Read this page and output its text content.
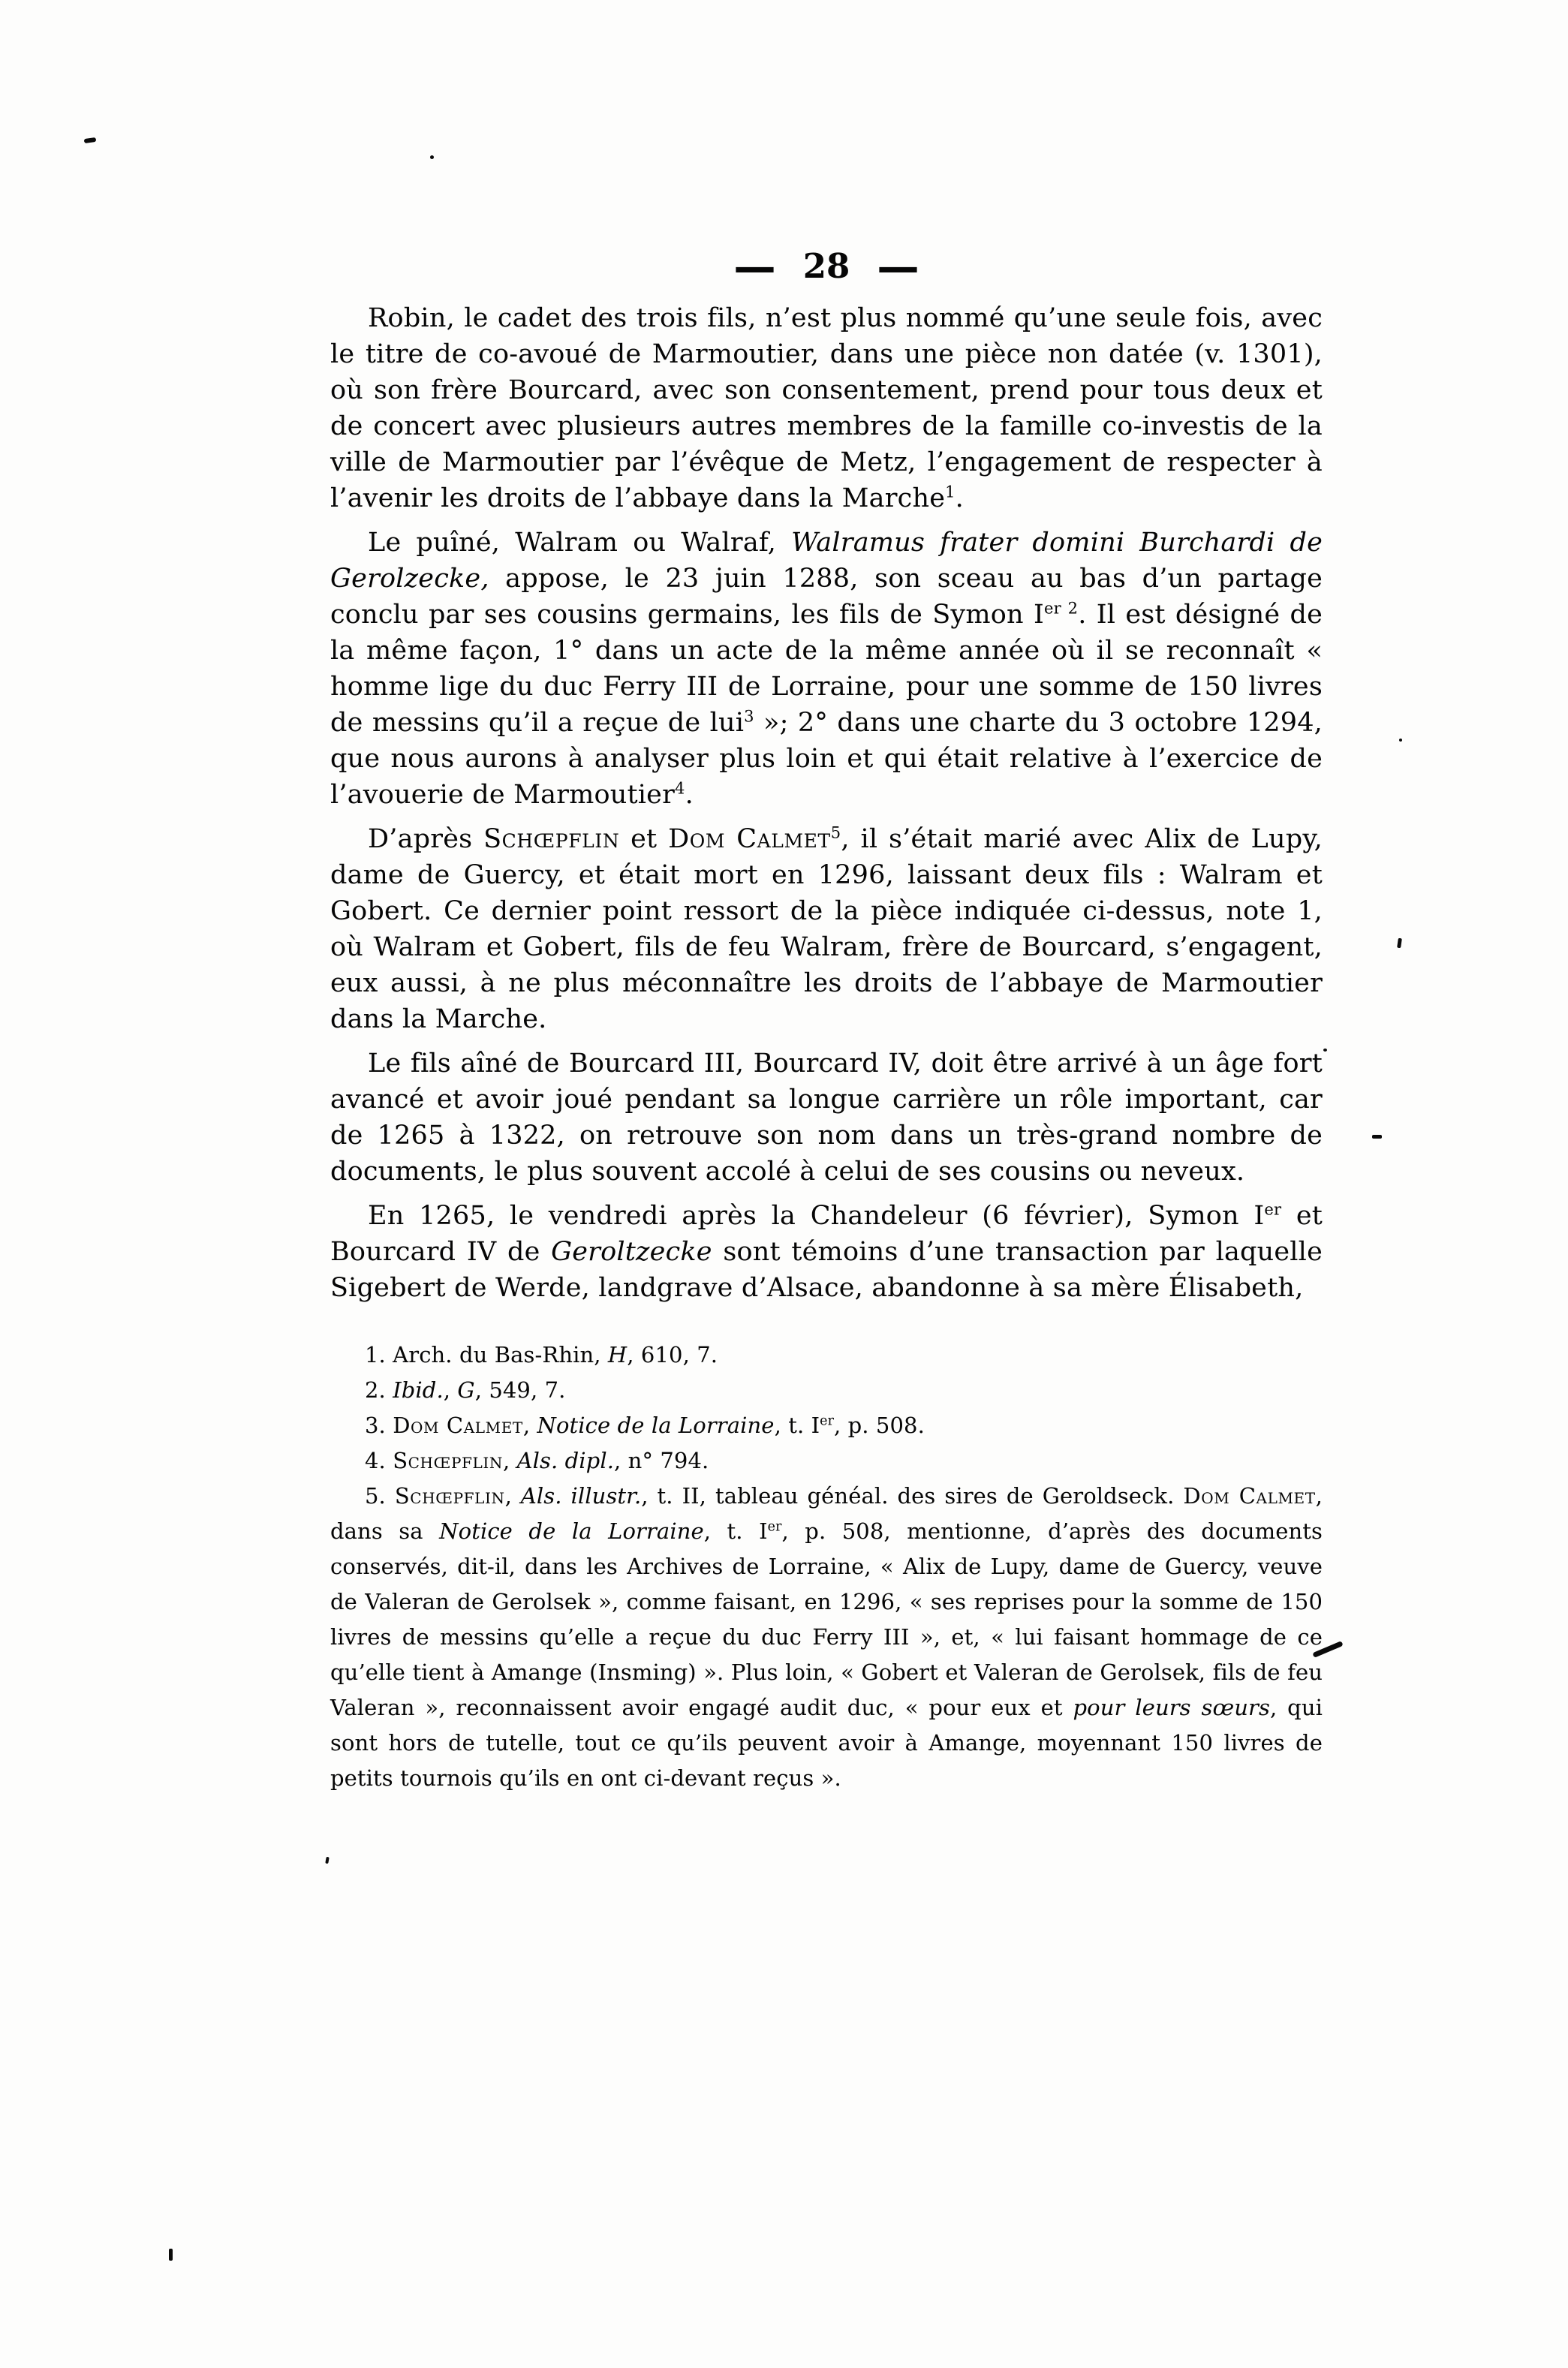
— 28 —

Robin, le cadet des trois fils, n’est plus nommé qu’une seule fois, avec le titre de co-avoué de Marmoutier, dans une pièce non datée (v. 1301), où son frère Bourcard, avec son consentement, prend pour tous deux et de concert avec plusieurs autres membres de la famille co-investis de la ville de Marmoutier par l’évêque de Metz, l’engagement de respecter à l’avenir les droits de l’abbaye dans la Marche$^1$.

Le puîné, Walram ou Walraf, Walramus frater domini Burchardi de Gerolzecke, appose, le 23 juin 1288, son sceau au bas d’un partage conclu par ses cousins germains, les fils de Symon $I^{er 2}$. Il est désigné de la même façon, 1° dans un acte de la même année où il se reconnaît « homme lige du duc Ferry III de Lorraine, pour une somme de 150 livres de messins qu’il a reçue de lui$^3$ »; 2° dans une charte du 3 octobre 1294, que nous aurons à analyser plus loin et qui était relative à l’exercice de l’avouerie de Marmoutier$^4$.

D’après Schœpflin et Dom Calmet$^5$, il s’était marié avec Alix de Lupy, dame de Guercy, et était mort en 1296, laissant deux fils : Walram et Gobert. Ce dernier point ressort de la pièce indiquée ci-dessus, note 1, où Walram et Gobert, fils de feu Walram, frère de Bourcard, s’engagent, eux aussi, à ne plus méconnaître les droits de l’abbaye de Marmoutier dans la Marche.

Le fils aîné de Bourcard III, Bourcard IV, doit être arrivé à un âge fort avancé et avoir joué pendant sa longue carrière un rôle important, car de 1265 à 1322, on retrouve son nom dans un très-grand nombre de documents, le plus souvent accolé à celui de ses cousins ou neveux.

En 1265, le vendredi après la Chandeleur (6 février), Symon Ier et Bourcard IV de Geroltzecke sont témoins d’une transaction par laquelle Sigebert de Werde, landgrave d’Alsace, abandonne à sa mère Élisabeth,

1. Arch. du Bas-Rhin, H, 610, 7.

2. Ibid., G, 549, 7.

3. Dom Calmet, Notice de la Lorraine, t. Ier, p. 508.

4. Schœpflin, Als. dipl., n° 794.

5. Schœpflin, Als. illustr., t. II, tableau généal. des sires de Geroldseck. Dom Calmet, dans sa Notice de la Lorraine, t. Ier, p. 508, mentionne, d’après des documents conservés, dit-il, dans les Archives de Lorraine, « Alix de Lupy, dame de Guercy, veuve de Valeran de Gerolsek », comme faisant, en 1296, « ses reprises pour la somme de 150 livres de messins qu’elle a reçue du duc Ferry III », et, « lui faisant hommage de ce qu’elle tient à Amange (Insming) ». Plus loin, « Gobert et Valeran de Gerolsek, fils de feu Valeran », reconnaissent avoir engagé audit duc, « pour eux et pour leurs sœurs, qui sont hors de tutelle, tout ce qu’ils peuvent avoir à Amange, moyennant 150 livres de petits tournois qu’ils en ont ci-devant reçus ».
